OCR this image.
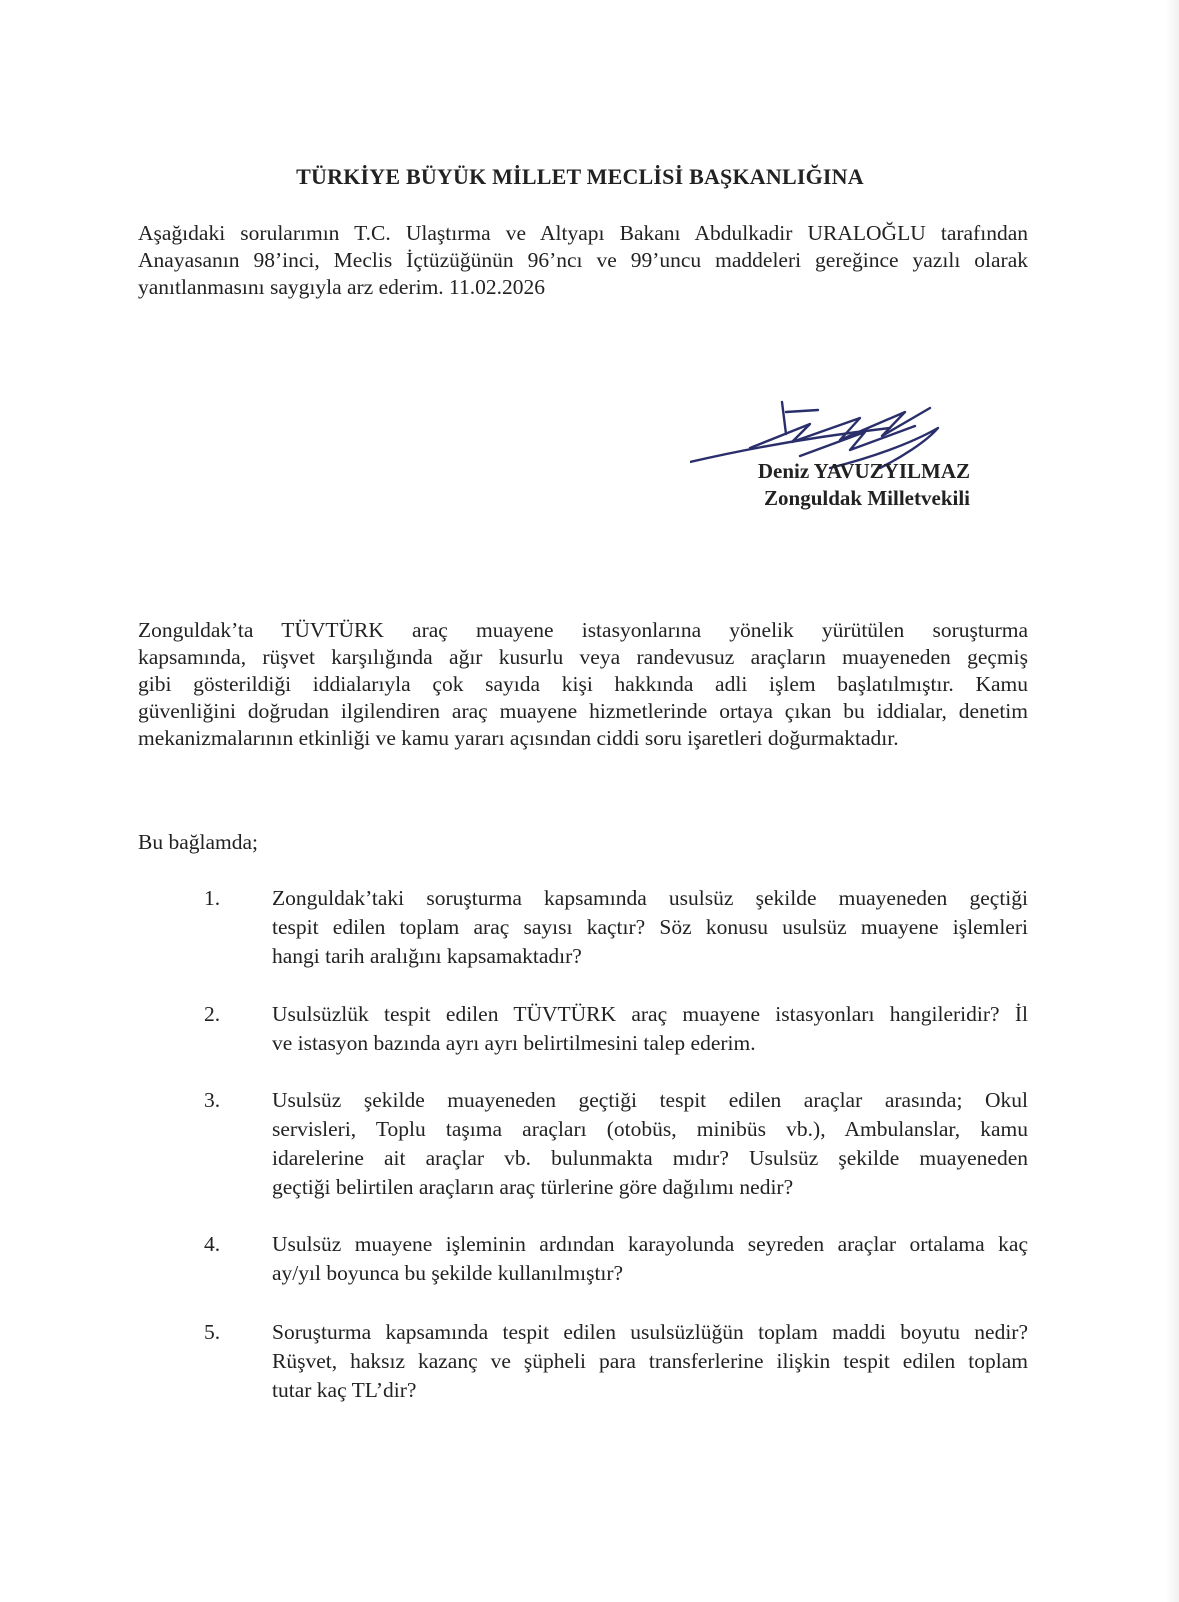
TÜRKİYE BÜYÜK MİLLET MECLİSİ BAŞKANLIĞINA
Aşağıdaki sorularımın T.C. Ulaştırma ve Altyapı Bakanı Abdulkadir URALOĞLU tarafından
Anayasanın 98’inci, Meclis İçtüzüğünün 96’ncı ve 99’uncu maddeleri gereğince yazılı olarak
yanıtlanmasını saygıyla arz ederim. 11.02.2026
Deniz YAVUZYILMAZ
Zonguldak Milletvekili
Zonguldak’ta TÜVTÜRK araç muayene istasyonlarına yönelik yürütülen soruşturma
kapsamında, rüşvet karşılığında ağır kusurlu veya randevusuz araçların muayeneden geçmiş
gibi gösterildiği iddialarıyla çok sayıda kişi hakkında adli işlem başlatılmıştır. Kamu
güvenliğini doğrudan ilgilendiren araç muayene hizmetlerinde ortaya çıkan bu iddialar, denetim
mekanizmalarının etkinliği ve kamu yararı açısından ciddi soru işaretleri doğurmaktadır.
Bu bağlamda;
1. Zonguldak’taki soruşturma kapsamında usulsüz şekilde muayeneden geçtiği
tespit edilen toplam araç sayısı kaçtır? Söz konusu usulsüz muayene işlemleri
hangi tarih aralığını kapsamaktadır?
2. Usulsüzlük tespit edilen TÜVTÜRK araç muayene istasyonları hangileridir? İl
ve istasyon bazında ayrı ayrı belirtilmesini talep ederim.
3. Usulsüz şekilde muayeneden geçtiği tespit edilen araçlar arasında; Okul
servisleri, Toplu taşıma araçları (otobüs, minibüs vb.), Ambulanslar, kamu
idarelerine ait araçlar vb. bulunmakta mıdır? Usulsüz şekilde muayeneden
geçtiği belirtilen araçların araç türlerine göre dağılımı nedir?
4. Usulsüz muayene işleminin ardından karayolunda seyreden araçlar ortalama kaç
ay/yıl boyunca bu şekilde kullanılmıştır?
5. Soruşturma kapsamında tespit edilen usulsüzlüğün toplam maddi boyutu nedir?
Rüşvet, haksız kazanç ve şüpheli para transferlerine ilişkin tespit edilen toplam
tutar kaç TL’dir?
